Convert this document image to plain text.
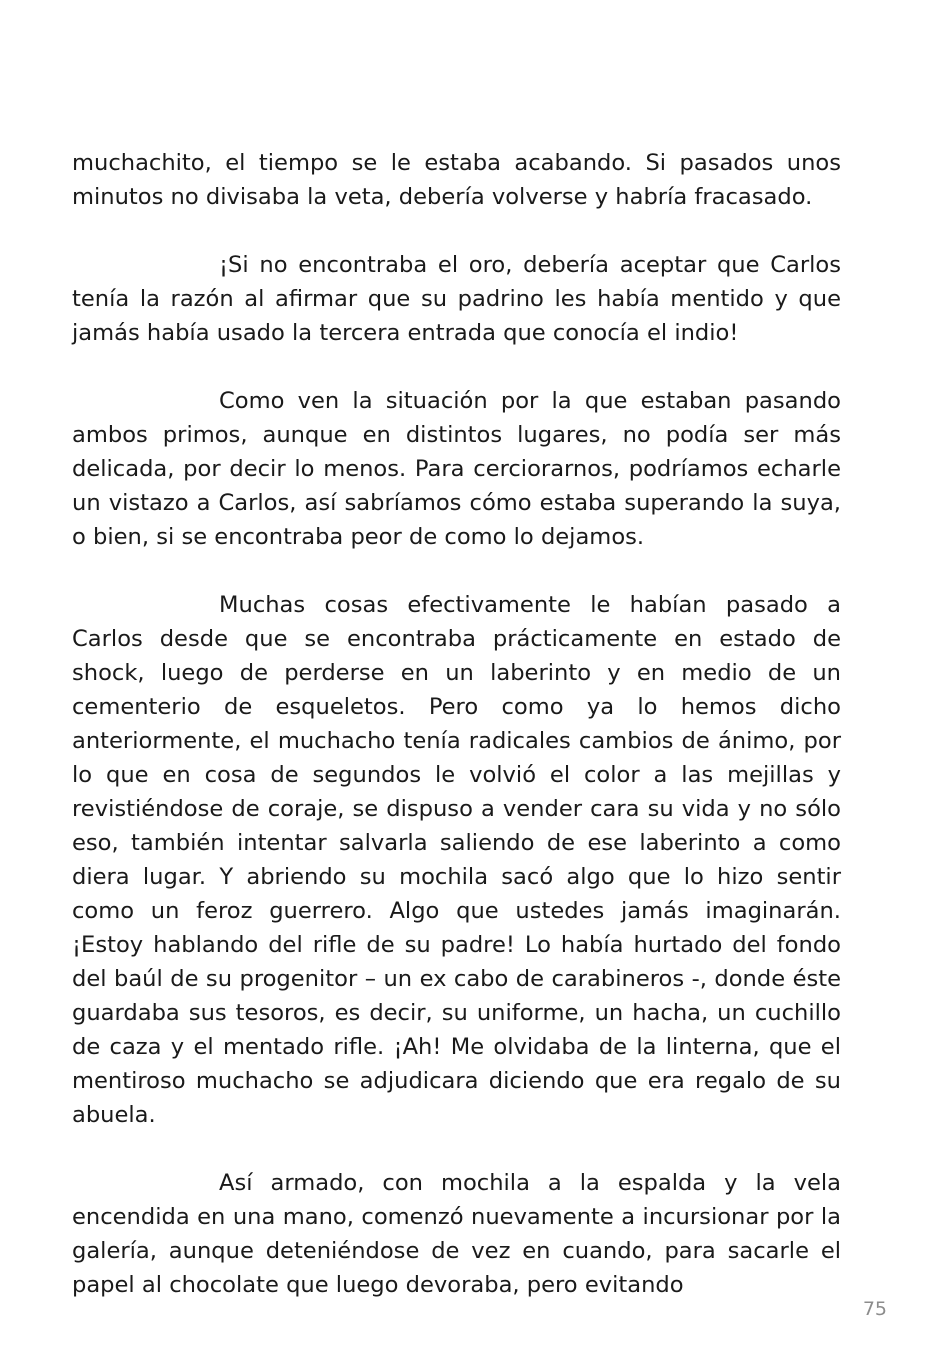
muchachito, el tiempo se le estaba acabando. Si pasados unos minutos no divisaba la veta, debería volverse y habría fracasado.

¡Si no encontraba el oro, debería aceptar que Carlos tenía la razón al afirmar que su padrino les había mentido y que jamás había usado la tercera entrada que conocía el indio!

Como ven la situación por la que estaban pasando ambos primos, aunque en distintos lugares, no podía ser más delicada, por decir lo menos. Para cerciorarnos, podríamos echarle un vistazo a Carlos, así sabríamos cómo estaba superando la suya, o bien, si se encontraba peor de como lo dejamos.

Muchas cosas efectivamente le habían pasado a Carlos desde que se encontraba prácticamente en estado de shock, luego de perderse en un laberinto y en medio de un cementerio de esqueletos. Pero como ya lo hemos dicho anteriormente, el muchacho tenía radicales cambios de ánimo, por lo que en cosa de segundos le volvió el color a las mejillas y revistiéndose de coraje, se dispuso a vender cara su vida y no sólo eso, también intentar salvarla saliendo de ese laberinto a como diera lugar. Y abriendo su mochila sacó algo que lo hizo sentir como un feroz guerrero. Algo que ustedes jamás imaginarán. ¡Estoy hablando del rifle de su padre! Lo había hurtado del fondo del baúl de su progenitor – un ex cabo de carabineros -, donde éste guardaba sus tesoros, es decir, su uniforme, un hacha, un cuchillo de caza y el mentado rifle. ¡Ah! Me olvidaba de la linterna, que el mentiroso muchacho se adjudicara diciendo que era regalo de su abuela.

Así armado, con mochila a la espalda y la vela encendida en una mano, comenzó nuevamente a incursionar por la galería, aunque deteniéndose de vez en cuando, para sacarle el papel al chocolate que luego devoraba, pero evitando

75
